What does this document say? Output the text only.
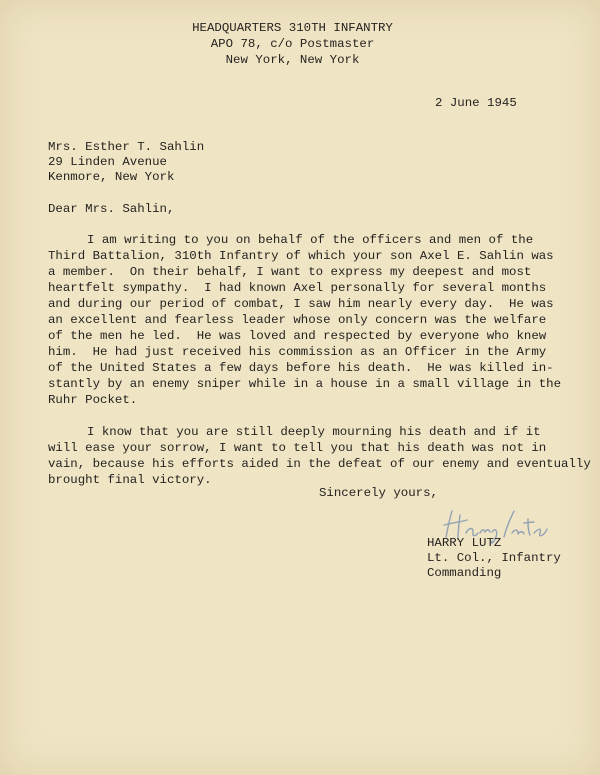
HEADQUARTERS 310TH INFANTRY
APO 78, c/o Postmaster
New York, New York
2 June 1945
Mrs. Esther T. Sahlin
29 Linden Avenue
Kenmore, New York
Dear Mrs. Sahlin,
I am writing to you on behalf of the officers and men of the
Third Battalion, 310th Infantry of which your son Axel E. Sahlin was
a member.  On their behalf, I want to express my deepest and most
heartfelt sympathy.  I had known Axel personally for several months
and during our period of combat, I saw him nearly every day.  He was
an excellent and fearless leader whose only concern was the welfare
of the men he led.  He was loved and respected by everyone who knew
him.  He had just received his commission as an Officer in the Army
of the United States a few days before his death.  He was killed in-
stantly by an enemy sniper while in a house in a small village in the
Ruhr Pocket.
I know that you are still deeply mourning his death and if it
will ease your sorrow, I want to tell you that his death was not in
vain, because his efforts aided in the defeat of our enemy and eventually
brought final victory.
Sincerely yours,
HARRY LUTZ
Lt. Col., Infantry
Commanding
